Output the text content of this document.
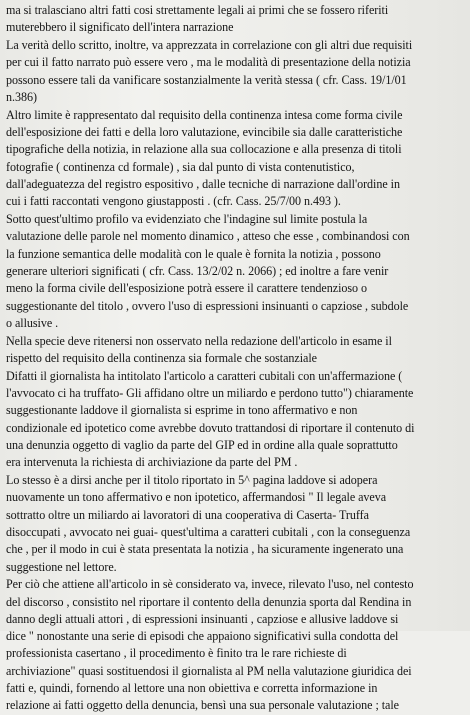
ma si tralasciano altri fatti cosi strettamente legali ai primi che se fossero riferiti
muterebbero il significato dell'intera narrazione
La verità dello scritto, inoltre, va apprezzata in correlazione con gli altri due requisiti
per cui il fatto narrato può essere vero , ma le modalità di presentazione della notizia
possono essere tali da vanificare sostanzialmente la verità stessa ( cfr. Cass. 19/1/01
n.386)
Altro limite è rappresentato dal requisito della continenza intesa come forma civile
dell'esposizione dei fatti e della loro valutazione, evincibile sia dalle caratteristiche
tipografiche della notizia, in relazione alla sua collocazione e alla presenza di titoli
fotografie ( continenza cd formale) , sia dal punto di vista contenutistico,
dall'adeguatezza del registro espositivo , dalle tecniche di narrazione dall'ordine in
cui i fatti raccontati vengono giustapposti . (cfr. Cass. 25/7/00 n.493 ).
Sotto quest'ultimo profilo va evidenziato che l'indagine sul limite postula la
valutazione delle parole nel momento dinamico , atteso che esse , combinandosi con
la funzione semantica delle modalità con le quale è fornita la notizia , possono
generare ulteriori significati ( cfr. Cass. 13/2/02 n. 2066) ; ed inoltre a fare venir
meno la forma civile dell'esposizione potrà essere il carattere tendenzioso o
suggestionante del titolo , ovvero l'uso di espressioni insinuanti o capziose , subdole
o allusive .
Nella specie deve ritenersi non osservato nella redazione dell'articolo in esame il
rispetto del requisito della continenza sia formale che sostanziale
Difatti il giornalista ha intitolato l'articolo a caratteri cubitali con un'affermazione (
l'avvocato ci ha truffato- Gli affidano oltre un miliardo e perdono tutto") chiaramente
suggestionante laddove il giornalista si esprime in tono affermativo e non
condizionale ed ipotetico come avrebbe dovuto trattandosi di riportare il contenuto di
una denunzia oggetto di vaglio da parte del GIP ed in ordine alla quale soprattutto
era intervenuta la richiesta di archiviazione da parte del PM .
Lo stesso è a dirsi anche per il titolo riportato in 5^ pagina laddove si adopera
nuovamente un tono affermativo e non ipotetico, affermandosi " Il legale aveva
sottratto oltre un miliardo ai lavoratori di una cooperativa di Caserta- Truffa
disoccupati , avvocato nei guai- quest'ultima a caratteri cubitali , con la conseguenza
che , per il modo in cui è stata presentata la notizia , ha sicuramente ingenerato una
suggestione nel lettore.
Per ciò che attiene all'articolo in sè considerato va, invece, rilevato l'uso, nel contesto
del discorso , consistito nel riportare il contento della denunzia sporta dal Rendina in
danno degli attuali attori , di espressioni insinuanti , capziose e allusive laddove si
dice " nonostante una serie di episodi che appaiono significativi sulla condotta del
professionista casertano , il procedimento è finito tra le rare richieste di
archiviazione" quasi sostituendosi il giornalista al PM nella valutazione giuridica dei
fatti e, quindi, fornendo al lettore una non obiettiva e corretta informazione in
relazione ai fatti oggetto della denuncia, bensì una sua personale valutazione ; tale
